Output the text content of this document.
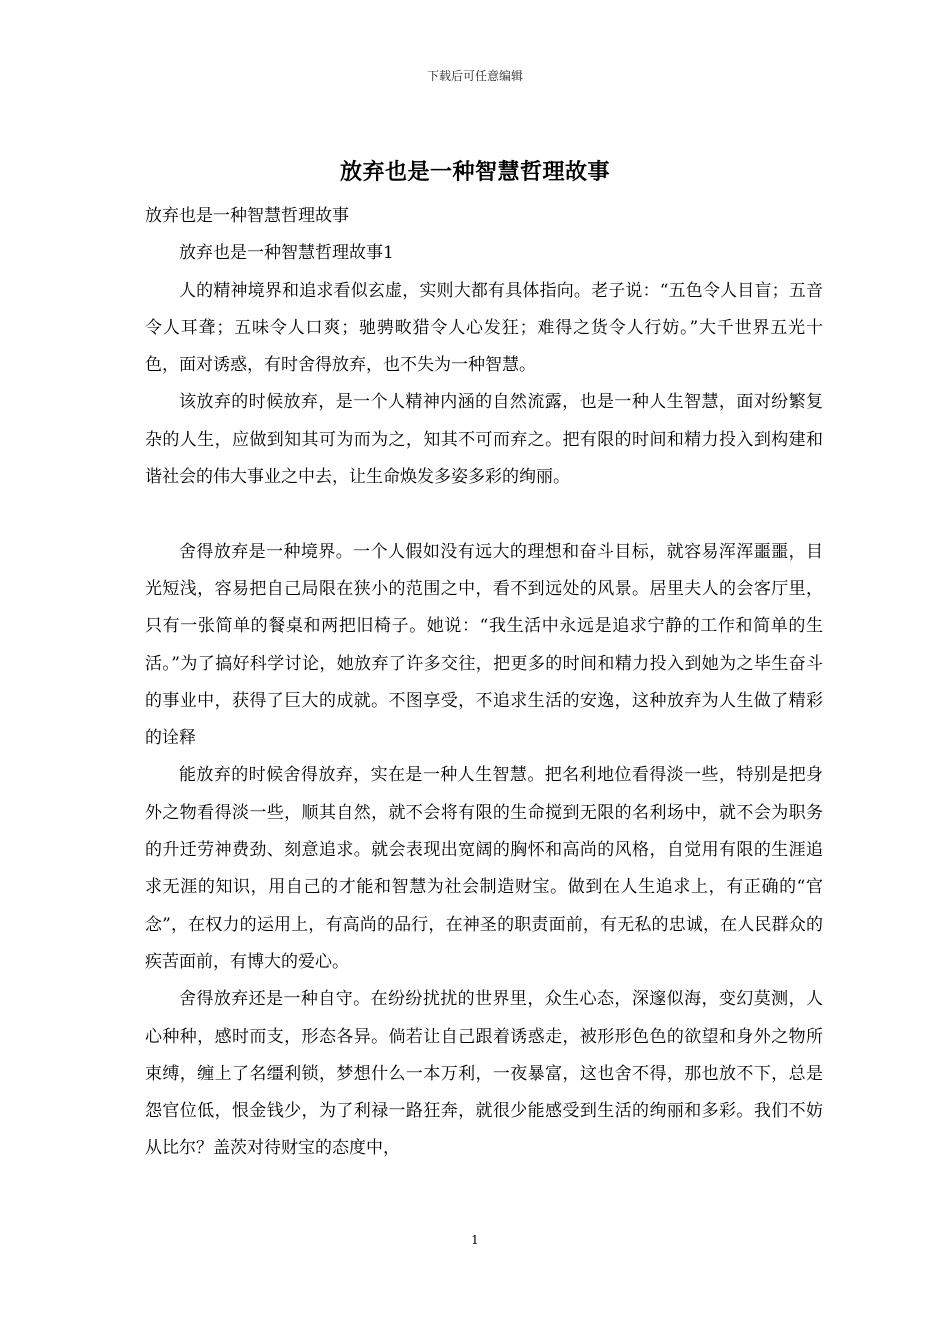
下载后可任意编辑
放弃也是一种智慧哲理故事

放弃也是一种智慧哲理故事

放弃也是一种智慧哲理故事1

人的精神境界和追求看似玄虚，实则大都有具体指向。老子说：“五色令人目盲；五音令人耳聋；五味令人口爽；驰骋畋猎令人心发狂；难得之货令人行妨。”大千世界五光十色，面对诱惑，有时舍得放弃，也不失为一种智慧。

该放弃的时候放弃，是一个人精神内涵的自然流露，也是一种人生智慧，面对纷繁复杂的人生，应做到知其可为而为之，知其不可而弃之。把有限的时间和精力投入到构建和谐社会的伟大事业之中去，让生命焕发多姿多彩的绚丽。

舍得放弃是一种境界。一个人假如没有远大的理想和奋斗目标，就容易浑浑噩噩，目光短浅，容易把自己局限在狭小的范围之中，看不到远处的风景。居里夫人的会客厅里，只有一张简单的餐桌和两把旧椅子。她说：“我生活中永远是追求宁静的工作和简单的生活。”为了搞好科学讨论，她放弃了许多交往，把更多的时间和精力投入到她为之毕生奋斗的事业中，获得了巨大的成就。不图享受，不追求生活的安逸，这种放弃为人生做了精彩的诠释

能放弃的时候舍得放弃，实在是一种人生智慧。把名利地位看得淡一些，特别是把身外之物看得淡一些，顺其自然，就不会将有限的生命搅到无限的名利场中，就不会为职务的升迁劳神费劲、刻意追求。就会表现出宽阔的胸怀和高尚的风格，自觉用有限的生涯追求无涯的知识，用自己的才能和智慧为社会制造财宝。做到在人生追求上，有正确的“官念”，在权力的运用上，有高尚的品行，在神圣的职责面前，有无私的忠诚，在人民群众的疾苦面前，有博大的爱心。

舍得放弃还是一种自守。在纷纷扰扰的世界里，众生心态，深邃似海，变幻莫测，人心种种，感时而支，形态各异。倘若让自己跟着诱惑走，被形形色色的欲望和身外之物所束缚，缠上了名缰利锁，梦想什么一本万利，一夜暴富，这也舍不得，那也放不下，总是怨官位低，恨金钱少，为了利禄一路狂奔，就很少能感受到生活的绚丽和多彩。我们不妨从比尔？盖茨对待财宝的态度中，

1
